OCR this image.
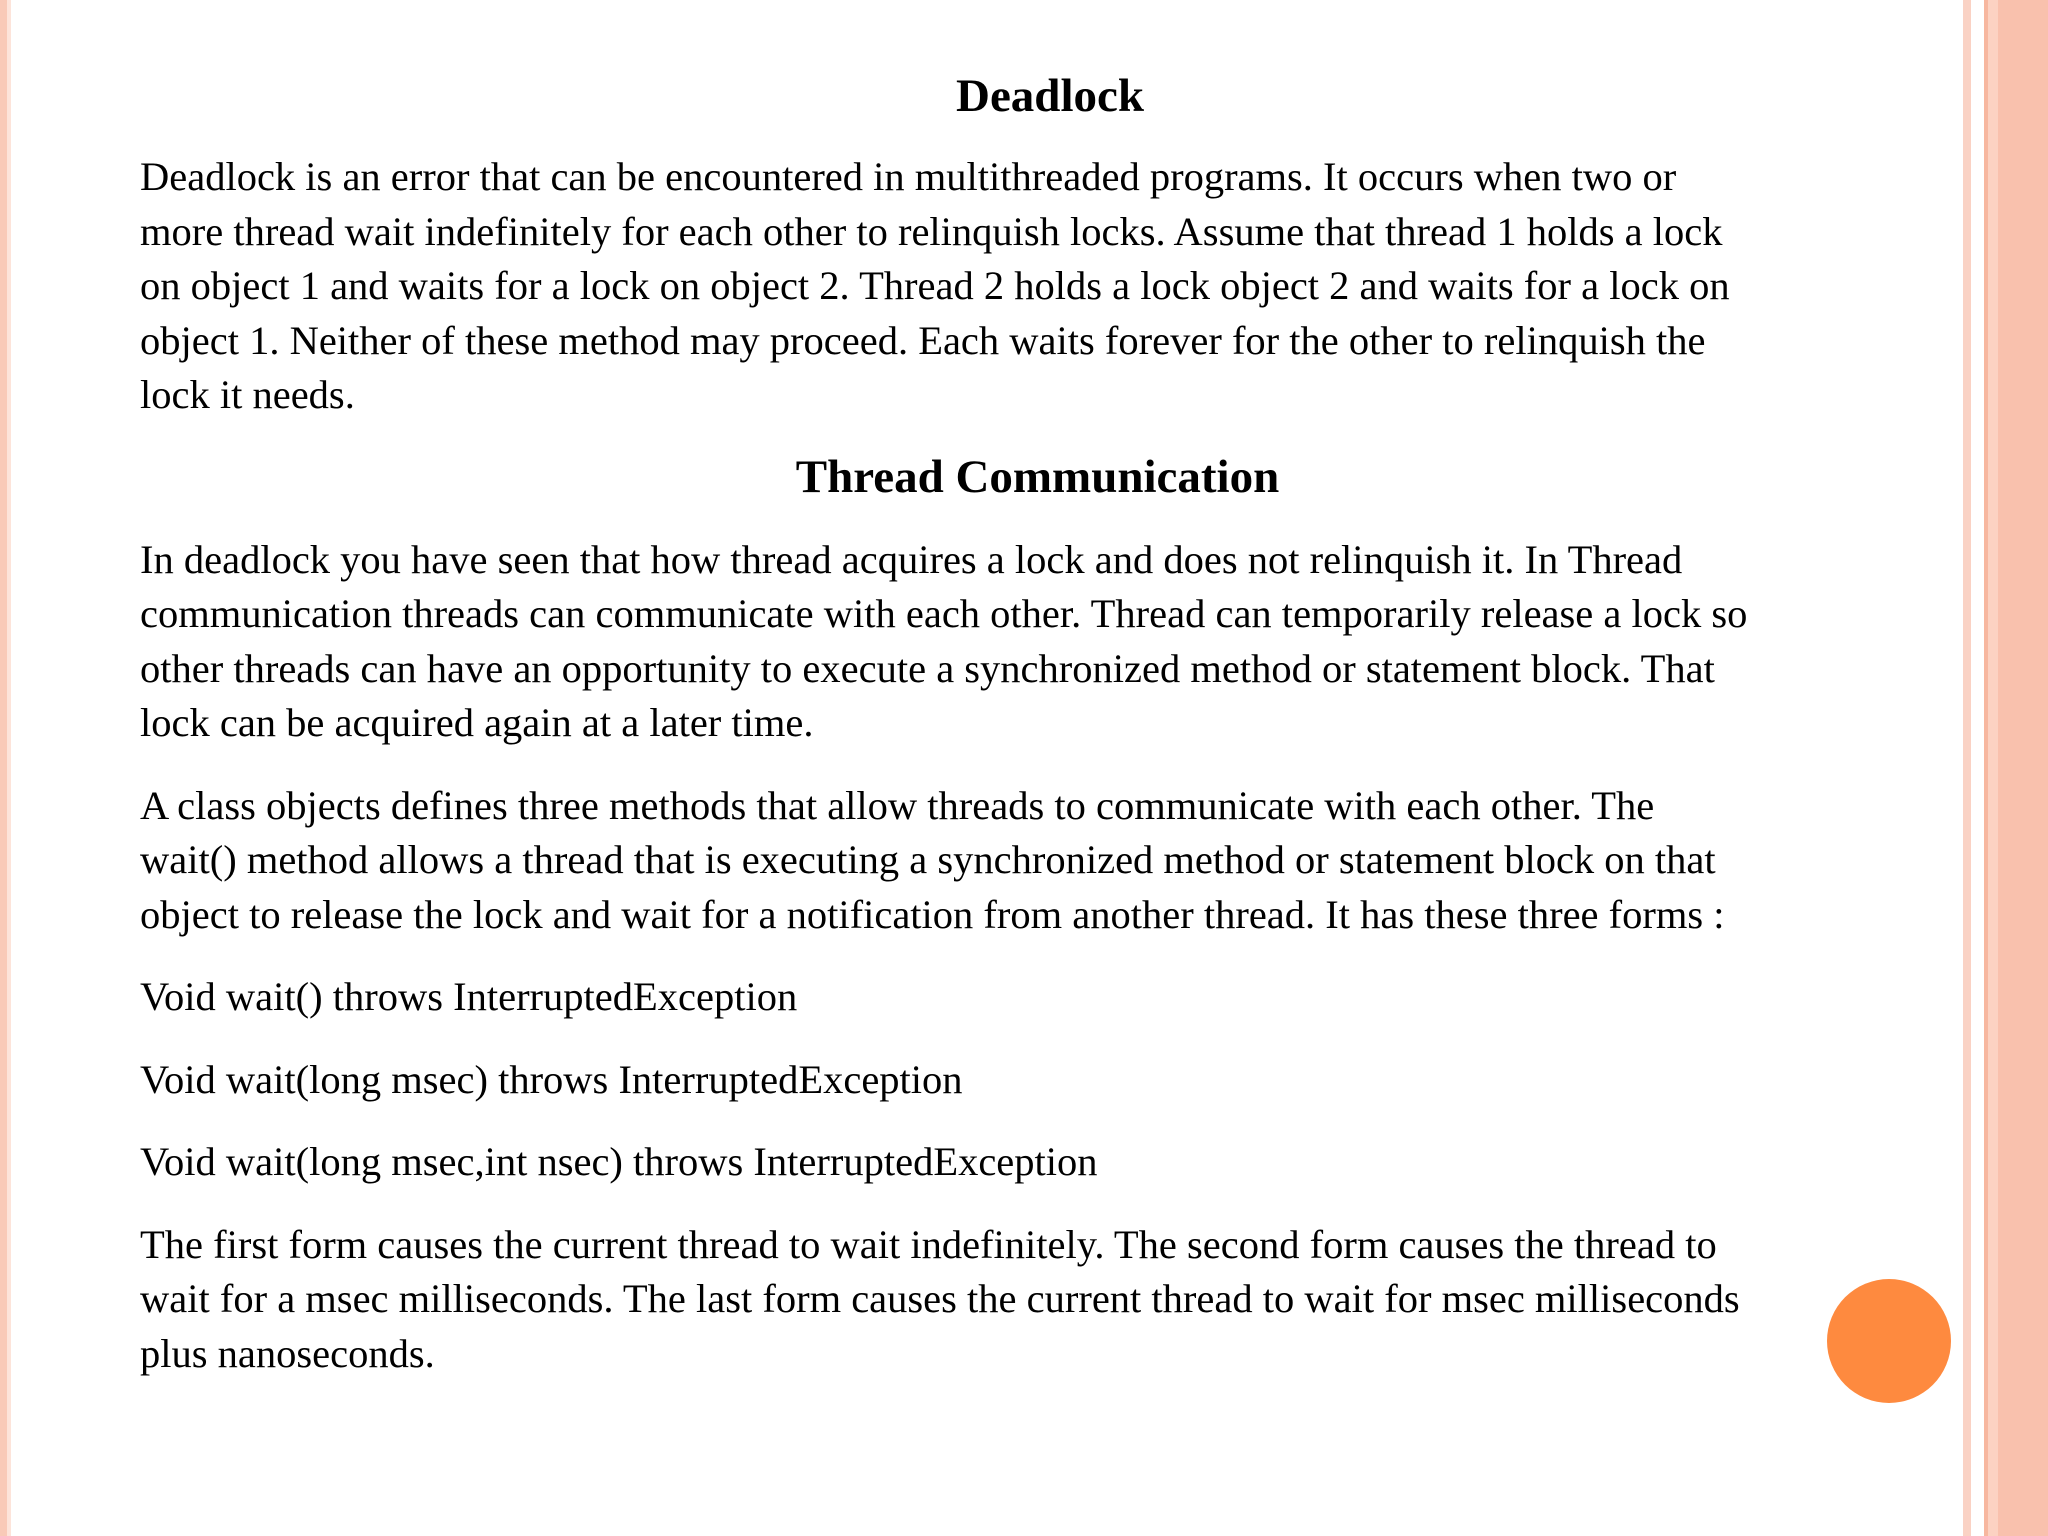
Deadlock

Deadlock is an error that can be encountered in multithreaded programs. It occurs when two or
more thread wait indefinitely for each other to relinquish locks. Assume that thread 1 holds a lock
on object 1 and waits for a lock on object 2. Thread 2 holds a lock object 2 and waits for a lock on
object 1. Neither of these method may proceed. Each waits forever for the other to relinquish the
lock it needs.

Thread Communication

In deadlock you have seen that how thread acquires a lock and does not relinquish it. In Thread
communication threads can communicate with each other. Thread can temporarily release a lock so
other threads can have an opportunity to execute a synchronized method or statement block. That
lock can be acquired again at a later time.

A class objects defines three methods that allow threads to communicate with each other. The
wait() method allows a thread that is executing a synchronized method or statement block on that
object to release the lock and wait for a notification from another thread. It has these three forms :

Void wait() throws InterruptedException

Void wait(long msec) throws InterruptedException

Void wait(long msec,int nsec) throws InterruptedException

The first form causes the current thread to wait indefinitely. The second form causes the thread to
wait for a msec milliseconds. The last form causes the current thread to wait for msec milliseconds
plus nanoseconds.
